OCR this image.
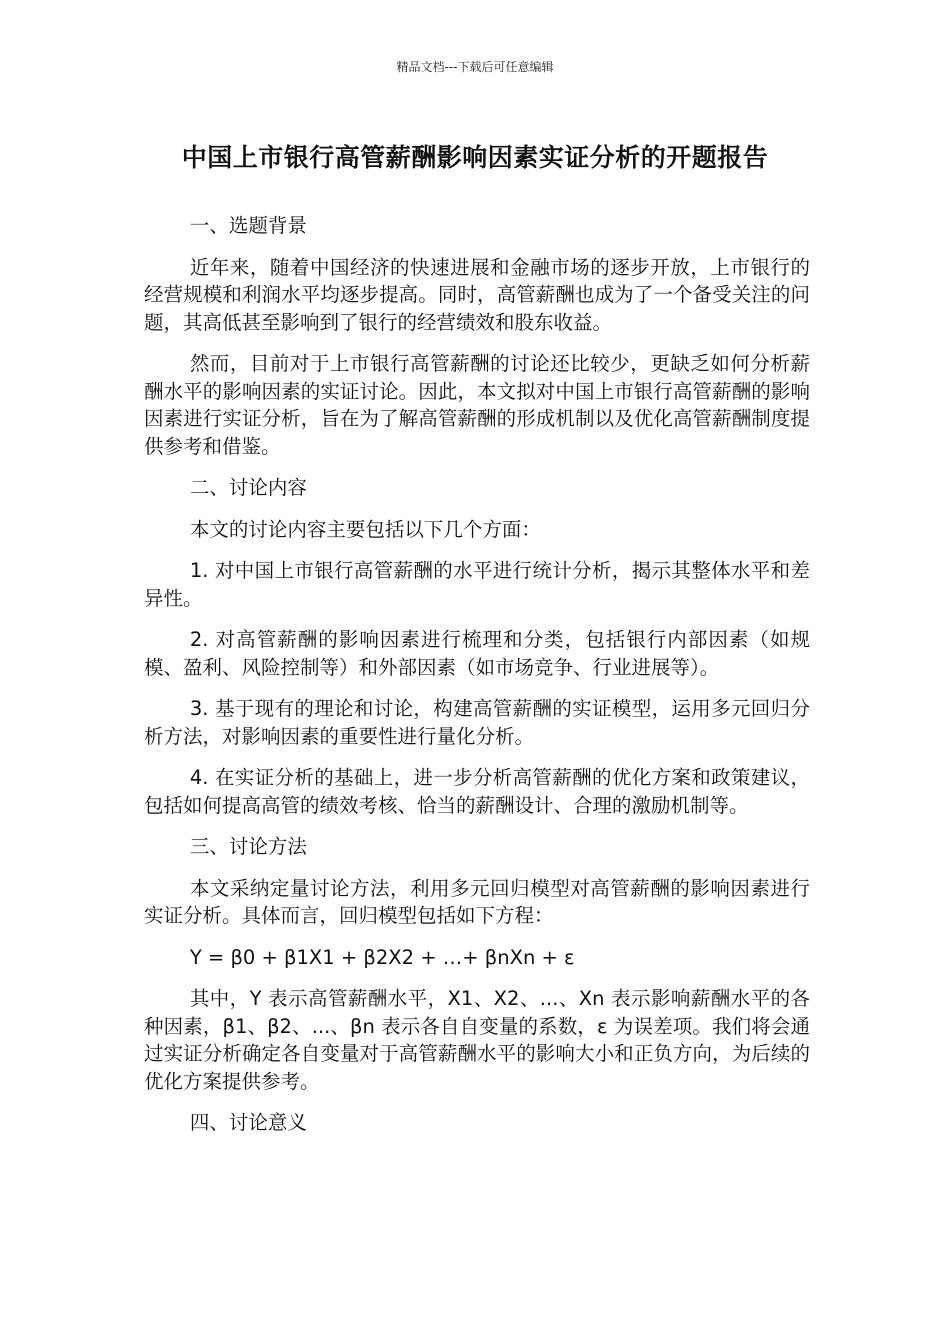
精品文档---下载后可任意编辑
中国上市银行高管薪酬影响因素实证分析的开题报告

一、选题背景

近年来，随着中国经济的快速进展和金融市场的逐步开放，上市银行的经营规模和利润水平均逐步提高。同时，高管薪酬也成为了一个备受关注的问题，其高低甚至影响到了银行的经营绩效和股东收益。

然而，目前对于上市银行高管薪酬的讨论还比较少，更缺乏如何分析薪酬水平的影响因素的实证讨论。因此，本文拟对中国上市银行高管薪酬的影响因素进行实证分析，旨在为了解高管薪酬的形成机制以及优化高管薪酬制度提供参考和借鉴。

二、讨论内容

本文的讨论内容主要包括以下几个方面：

1. 对中国上市银行高管薪酬的水平进行统计分析，揭示其整体水平和差异性。

2. 对高管薪酬的影响因素进行梳理和分类，包括银行内部因素（如规模、盈利、风险控制等）和外部因素（如市场竞争、行业进展等）。

3. 基于现有的理论和讨论，构建高管薪酬的实证模型，运用多元回归分析方法，对影响因素的重要性进行量化分析。

4. 在实证分析的基础上，进一步分析高管薪酬的优化方案和政策建议，包括如何提高高管的绩效考核、恰当的薪酬设计、合理的激励机制等。

三、讨论方法

本文采纳定量讨论方法，利用多元回归模型对高管薪酬的影响因素进行实证分析。具体而言，回归模型包括如下方程：

Y = β0 + β1X1 + β2X2 + …+ βnXn + ε

其中，Y 表示高管薪酬水平，X1、X2、...、Xn 表示影响薪酬水平的各种因素，β1、β2、...、βn 表示各自自变量的系数，ε 为误差项。我们将会通过实证分析确定各自变量对于高管薪酬水平的影响大小和正负方向，为后续的优化方案提供参考。

四、讨论意义
